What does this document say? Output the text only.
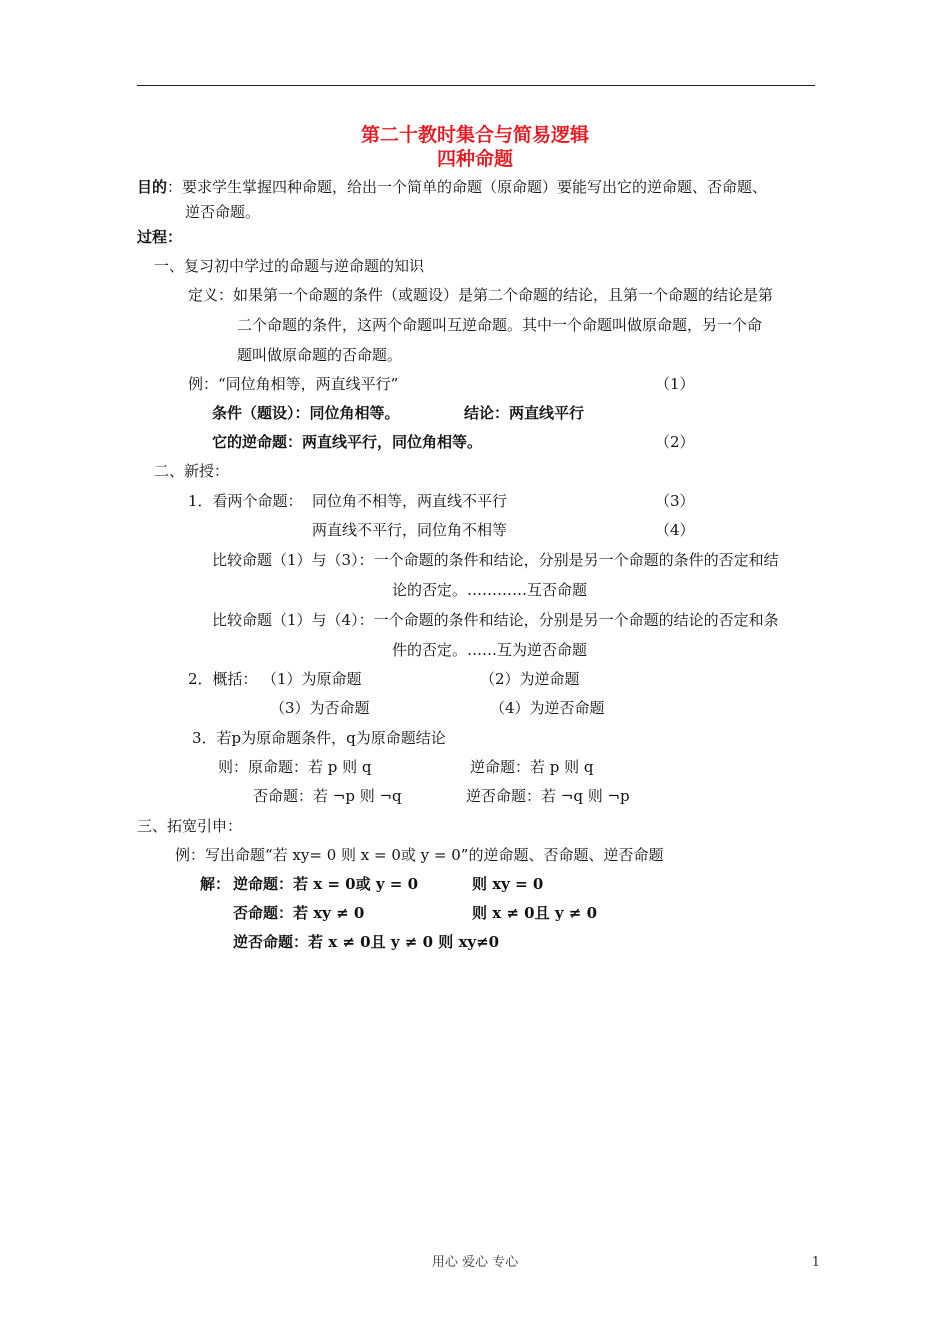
第二十教时集合与简易逻辑
四种命题
目的：要求学生掌握四种命题，给出一个简单的命题（原命题）要能写出它的逆命题、否命题、
逆否命题。
过程：
一、复习初中学过的命题与逆命题的知识
定义：如果第一个命题的条件（或题设）是第二个命题的结论，且第一个命题的结论是第
二个命题的条件，这两个命题叫互逆命题。其中一个命题叫做原命题，另一个命
题叫做原命题的否命题。
例：“同位角相等，两直线平行”	（1）
条件（题设）：同位角相等。	结论：两直线平行
它的逆命题：两直线平行，同位角相等。	（2）
二、新授：
1．看两个命题： 同位角不相等，两直线不平行	（3）
两直线不平行，同位角不相等	（4）
比较命题（1）与（3）：一个命题的条件和结论，分别是另一个命题的条件的否定和结
论的否定。…………互否命题
比较命题（1）与（4）：一个命题的条件和结论，分别是另一个命题的结论的否定和条
件的否定。……互为逆否命题
2．概括： （1）为原命题	（2）为逆命题
（3）为否命题	（4）为逆否命题
3．若p为原命题条件，q为原命题结论
则：原命题：若 p 则 q	逆命题：若 p 则 q
否命题：若 ¬p 则 ¬q	逆否命题：若 ¬q 则 ¬p
三、拓宽引申：
例：写出命题“若 xy= 0 则 x = 0或 y = 0”的逆命题、否命题、逆否命题
解： 逆命题：若 x = 0或 y = 0	则 xy = 0
否命题：若 xy ≠ 0	则 x ≠ 0且 y ≠ 0
逆否命题：若 x ≠ 0且 y ≠ 0 则 xy≠0
用心 爱心 专心	1
